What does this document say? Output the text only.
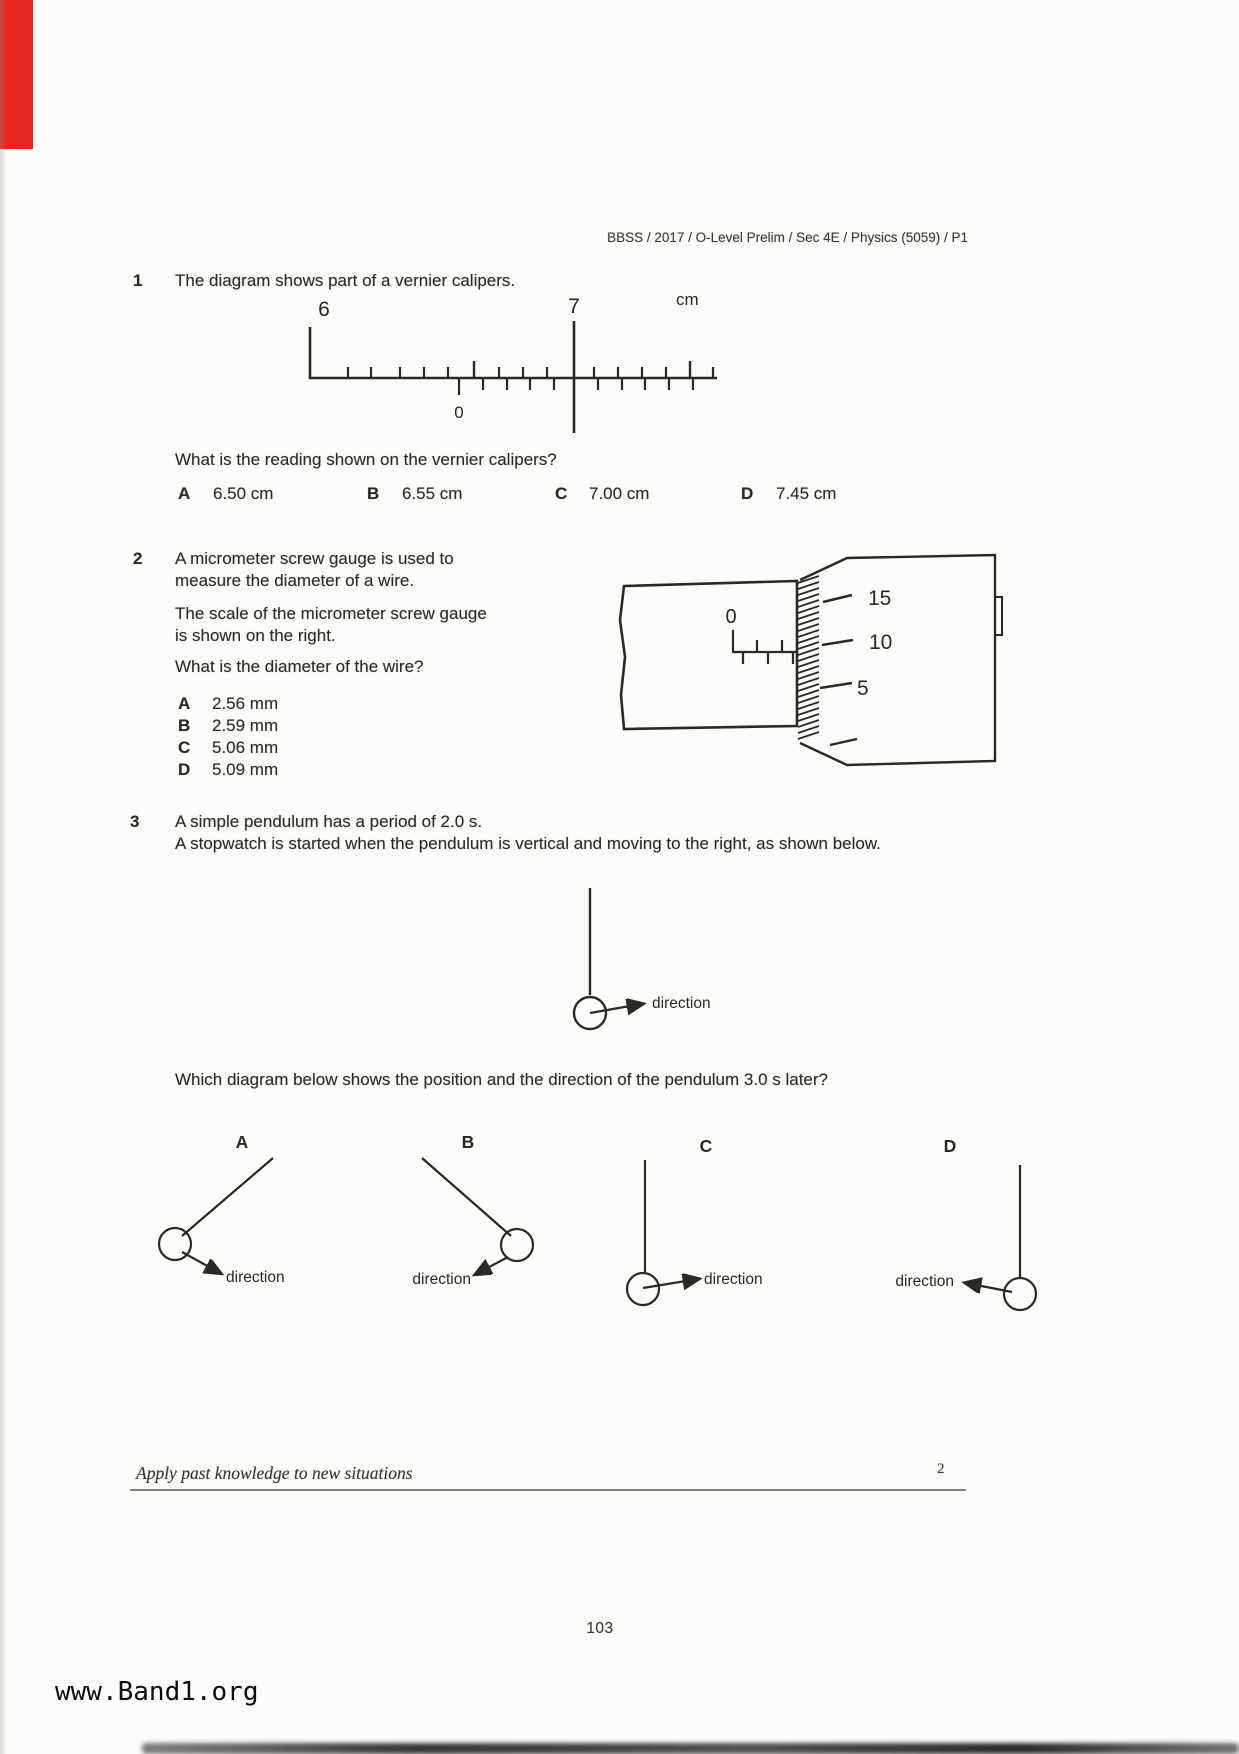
BBSS / 2017 / O-Level Prelim / Sec 4E / Physics (5059) / P1
1 The diagram shows part of a vernier calipers.
6	7	cm
0
What is the reading shown on the vernier calipers?
A 6.50 cm	B 6.55 cm	C 7.00 cm	D 7.45 cm
2 A micrometer screw gauge is used to
measure the diameter of a wire.
The scale of the micrometer screw gauge
is shown on the right.
What is the diameter of the wire?
A 2.56 mm
B 2.59 mm
C 5.06 mm
D 5.09 mm
0
15
10
5
3 A simple pendulum has a period of 2.0 s.
A stopwatch is started when the pendulum is vertical and moving to the right, as shown below.
direction
Which diagram below shows the position and the direction of the pendulum 3.0 s later?
A
direction
B
direction
C
direction
D
direction
Apply past knowledge to new situations	2
103
www.Band1.org
